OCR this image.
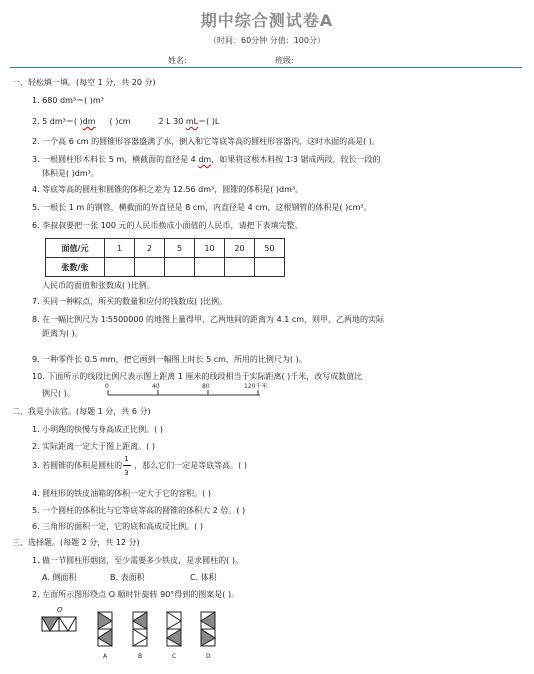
期中综合测试卷A
（时间：60分钟 分值：100分）
姓名:	班级:
一、轻松填一填。(每空 1 分，共 20 分)
1. 680 dm³＝( )m³
2. 5 dm³＝( )dm ( )cm	2 L 30 mL＝( )L
2. 一个高 6 cm 的圆锥形容器盛满了水，倒入和它等底等高的圆柱形容器内，这时水面的高是( )。
3. 一根圆柱形木料长 5 m，横截面的直径是 4 dm，如果将这根木料按 1∶3 锯成两段，较长一段的
体积是( )dm³。
4. 等底等高的圆柱和圆锥的体积之差为 12.56 dm³，圆锥的体积是( )dm³。
5. 一根长 1 m 的钢管，横截面的外直径是 8 cm，内直径是 4 cm，这根钢管的体积是( )cm³。
6. 李叔叔要把一张 100 元的人民币换成小面值的人民币，请把下表填完整。
面值/元	1	2	5	10	20	50
张数/张						
人民币的面值和张数成( )比例。
7. 买同一种粽点，所买的数量和应付的钱数成( )比例。
8. 在一幅比例尺为 1∶5500000 的地图上量得甲、乙两地间的距离为 4.1 cm，则甲、乙两地的实际
距离为( )。
9. 一种零件长 0.5 mm，把它画到一幅图上时长 5 cm，所用的比例尺为( )。
10. 下面所示的线段比例尺表示图上距离 1 厘米的线段相当于实际距离( )千米，改写成数值比
例尺( )。
0	40	80	120千米
二、我是小法官。(每题 1 分，共 6 分)
1. 小明跑的快慢与身高成正比例。( )
2. 实际距离一定大于图上距离。( )
3. 若圆锥的体积是圆柱的 $\frac{1}{3}$ ，那么它们一定是等底等高。( )
4. 圆柱形的铁皮油箱的体积一定大于它的容积。( )
5. 一个圆柱的体积比与它等底等高的圆锥的体积大 2 倍。( )
6. 三角形的面积一定，它的底和高成反比例。( )
三、选择题。(每题 2 分，共 12 分)
1. 做一节圆柱形烟囱，至少需要多少铁皮，是求圆柱的( )。
A. 侧面积	B. 表面积	C. 体积
2. 左面所示图形绕点 O 顺时针旋转 90°得到的图案是( )。
O
A	B	C	D
